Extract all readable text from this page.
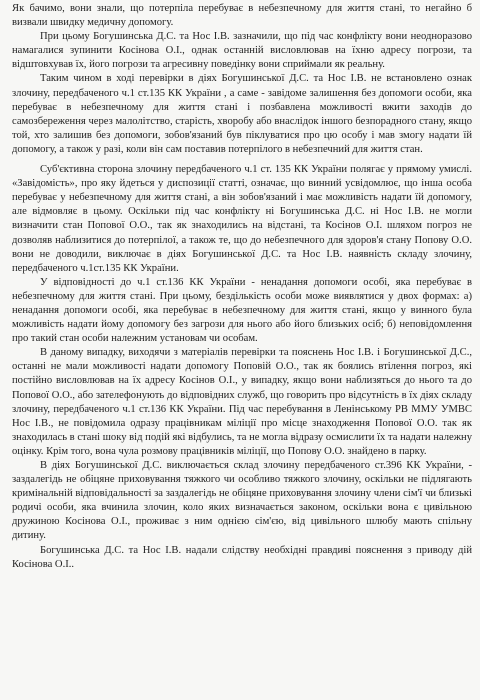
Як бачимо, вони знали, що потерпіла перебуває в небезпечному для життя стані, то негайно б визвали швидку медичну допомогу.

При цьому Богушинська Д.С. та Нос І.В. зазначили, що під час конфлікту вони неодноразово намагалися зупинити Косінова О.І., однак останній висловлював на їхню адресу погрози, та відштовхував їх, його погрози та агресивну поведінку вони сприймали як реальну.

Таким чином в ході перевірки в діях Богушинської Д.С. та Нос І.В. не встановлено ознак злочину, передбаченого ч.1 ст.135 КК України , а саме - завідоме залишення без допомоги особи, яка перебуває в небезпечному для життя стані і позбавлена можливості вжити заходів до самозбереження через малолітство, старість, хворобу або внаслідок іншого безпорадного стану, якщо той, хто залишив без допомоги, зобов'язаний був піклуватися про цю особу і мав змогу надати їй допомогу, а також у разі, коли він сам поставив потерпілого в небезпечний для життя стан.

Суб'єктивна сторона злочину передбаченого ч.1 ст. 135 КК України полягає у прямому умислі. «Завідомість», про яку йдеться у диспозиції статті, означає, що винний усвідомлює, що інша особа перебуває у небезпечному для життя стані, а він зобов'язаний і має можливість надати їй допомогу, але відмовляє в цьому. Оскільки під час конфлікту ні Богушинська Д.С. ні Нос І.В. не могли визначити стан Попової О.О., так як знаходились на відстані, та Косінов О.І. шляхом погроз не дозволяв наблизитися до потерпілої, а також те, що до небезпечного для здоров'я стану Попову О.О. вони не доводили, виключає в діях Богушинської Д.С. та Нос І.В. наявність складу злочину, передбаченого ч.1ст.135 КК України.

У відповідності до ч.1 ст.136 КК України - ненадання допомоги особі, яка перебуває в небезпечному для життя стані. При цьому, бездількість особи може виявлятися у двох формах: а) ненадання допомоги особі, яка перебуває в небезпечному для життя стані, якщо у винного була можливість надати йому допомогу без загрози для нього або його близьких осіб; б) неповідомлення про такий стан особи належним установам чи особам.

В даному випадку, виходячи з матеріалів перевірки та пояснень Нос І.В. і Богушинської Д.С., останні не мали можливості надати допомогу Поповій О.О., так як боялись втілення погроз, які постійно висловлював на їх адресу Косінов О.І., у випадку, якщо вони наблизяться до нього та до Попової О.О., або зателефонують до відповідних служб, що говорить про відсутність в їх діях складу злочину, передбаченого ч.1 ст.136 КК України. Під час перебування в Ленінському РВ ММУ УМВС Нос І.В., не повідомила одразу працівникам міліції про місце знаходження Попової О.О. так як знаходилась в стані шоку від подій які відбулись, та не могла відразу осмислити їх та надати належну оцінку. Крім того, вона чула розмову працівників міліції, що Попову О.О. знайдено в парку.

В діях Богушинської Д.С. виключається склад злочину передбаченого ст.396 КК України, - заздалегідь не обіцяне приховування тяжкого чи особливо тяжкого злочину, оскільки не підлягають кримінальній відповідальності за заздалегідь не обіцяне приховування злочину члени сім'ї чи близькі родичі особи, яка вчинила злочин, коло яких визначається законом, оскільки вона є цивільною дружиною Косінова О.І., проживає з ним однією сім'єю, від цивільного шлюбу мають спільну дитину.

Богушинська Д.С. та Нос І.В. надали слідству необхідні правдиві пояснення з приводу дій Косінова О.І..
